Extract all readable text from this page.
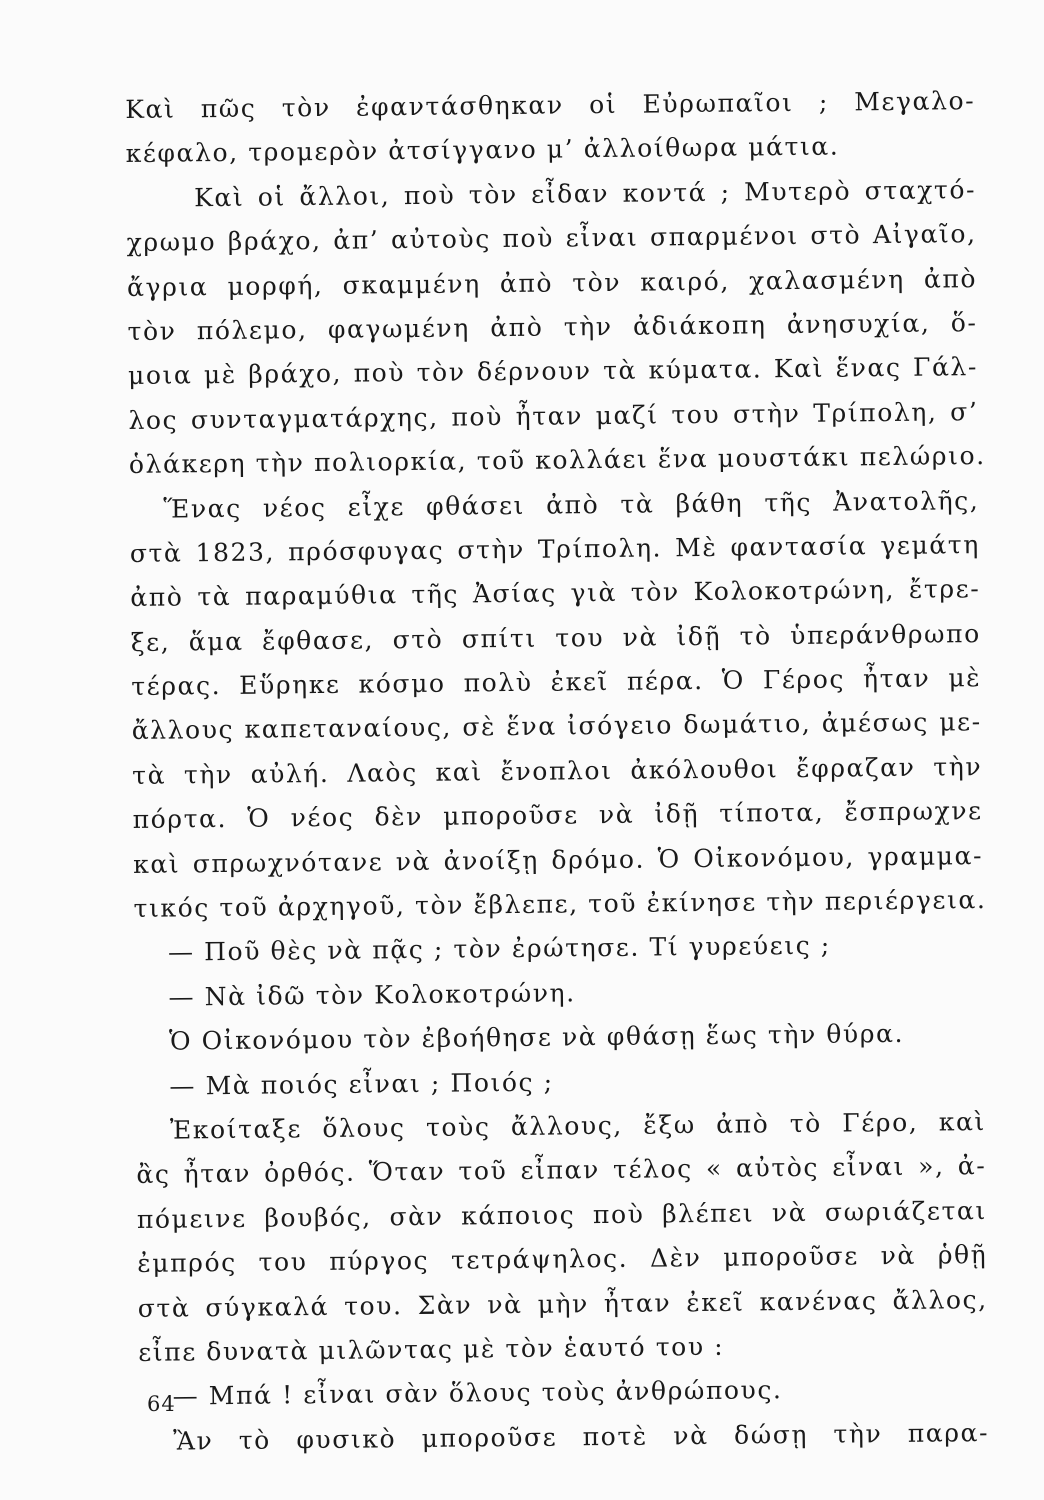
Καὶ πῶς τὸν ἐφαντάσθηκαν οἱ Εὐρωπαῖοι ; Μεγαλο-
κέφαλο, τρομερὸν ἀτσίγγανο μ’ ἀλλοίθωρα μάτια.
Καὶ οἱ ἄλλοι, ποὺ τὸν εἶδαν κοντά ; Μυτερὸ σταχτό-
χρωμο βράχο, ἀπ’ αὐτοὺς ποὺ εἶναι σπαρμένοι στὸ Αἰγαῖο,
ἄγρια μορφή, σκαμμένη ἀπὸ τὸν καιρό, χαλασμένη ἀπὸ
τὸν πόλεμο, φαγωμένη ἀπὸ τὴν ἀδιάκοπη ἀνησυχία, ὅ-
μοια μὲ βράχο, ποὺ τὸν δέρνουν τὰ κύματα. Καὶ ἕνας Γάλ-
λος συνταγματάρχης, ποὺ ἦταν μαζί του στὴν Τρίπολη, σ’
ὁλάκερη τὴν πολιορκία, τοῦ κολλάει ἕνα μουστάκι πελώριο.
Ἕνας νέος εἶχε φθάσει ἀπὸ τὰ βάθη τῆς Ἀνατολῆς,
στὰ 1823, πρόσφυγας στὴν Τρίπολη. Μὲ φαντασία γεμάτη
ἀπὸ τὰ παραμύθια τῆς Ἀσίας γιὰ τὸν Κολοκοτρώνη, ἔτρε-
ξε, ἅμα ἔφθασε, στὸ σπίτι του νὰ ἰδῇ τὸ ὑπεράνθρωπο
τέρας. Εὕρηκε κόσμο πολὺ ἐκεῖ πέρα. Ὁ Γέρος ἦταν μὲ
ἄλλους καπεταναίους, σὲ ἕνα ἰσόγειο δωμάτιο, ἀμέσως με-
τὰ τὴν αὐλή. Λαὸς καὶ ἔνοπλοι ἀκόλουθοι ἔφραζαν τὴν
πόρτα. Ὁ νέος δὲν μποροῦσε νὰ ἰδῇ τίποτα, ἔσπρωχνε
καὶ σπρωχνότανε νὰ ἀνοίξῃ δρόμο. Ὁ Οἰκονόμου, γραμμα-
τικός τοῦ ἀρχηγοῦ, τὸν ἔβλεπε, τοῦ ἐκίνησε τὴν περιέργεια.
— Ποῦ θὲς νὰ πᾷς ; τὸν ἐρώτησε. Τί γυρεύεις ;
— Νὰ ἰδῶ τὸν Κολοκοτρώνη.
Ὁ Οἰκονόμου τὸν ἐβοήθησε νὰ φθάσῃ ἕως τὴν θύρα.
— Μὰ ποιός εἶναι ; Ποιός ;
Ἐκοίταξε ὅλους τοὺς ἄλλους, ἔξω ἀπὸ τὸ Γέρο, καὶ
ἂς ἦταν ὀρθός. Ὅταν τοῦ εἶπαν τέλος « αὐτὸς εἶναι », ἀ-
πόμεινε βουβός, σὰν κάποιος ποὺ βλέπει νὰ σωριάζεται
ἐμπρός του πύργος τετράψηλος. Δὲν μποροῦσε νὰ ῥθῇ
στὰ σύγκαλά του. Σὰν νὰ μὴν ἦταν ἐκεῖ κανένας ἄλλος,
εἶπε δυνατὰ μιλῶντας μὲ τὸν ἑαυτό του :
— Μπά ! εἶναι σὰν ὅλους τοὺς ἀνθρώπους.
Ἂν τὸ φυσικὸ μποροῦσε ποτὲ νὰ δώσῃ τὴν παρα-
64
